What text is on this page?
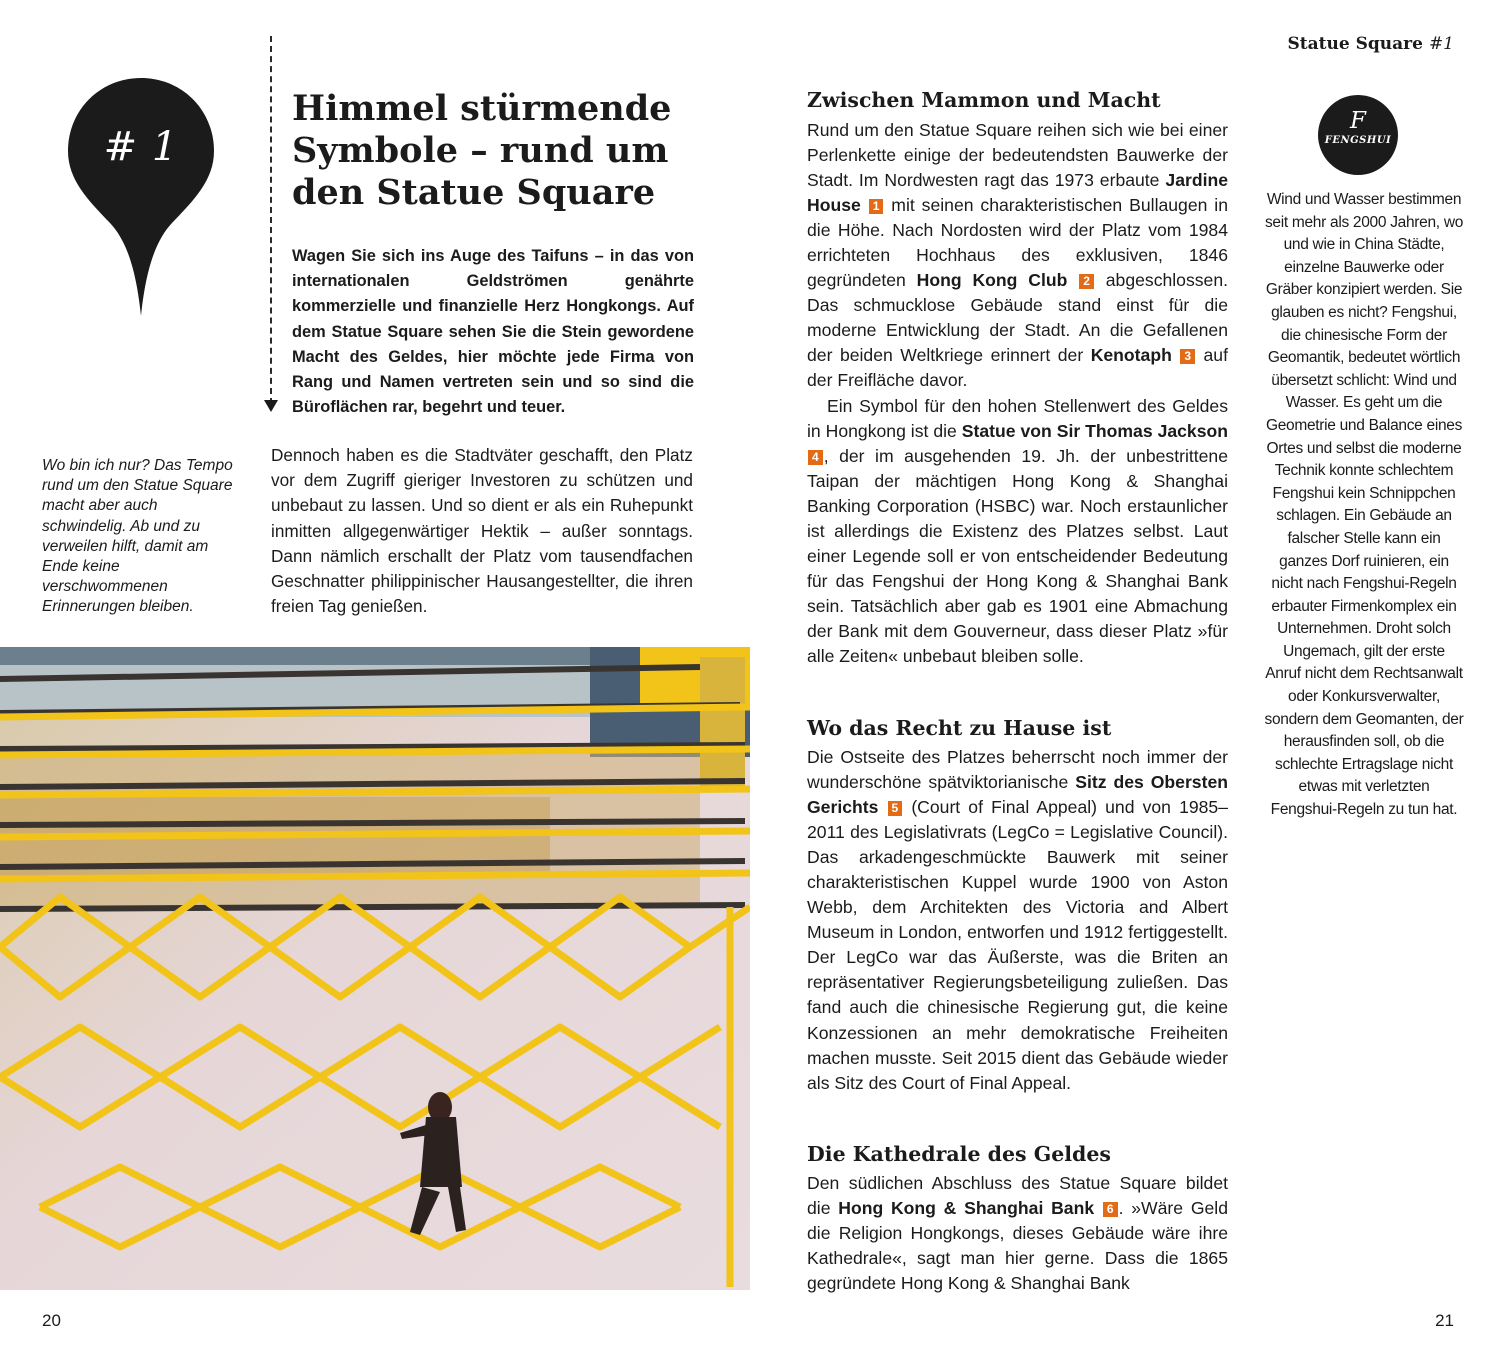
Statue Square #1
# 1
Himmel stürmende Symbole – rund um den Statue Square

Wagen Sie sich ins Auge des Taifuns – in das von internationalen Geldströmen genährte kommerzielle und finanzielle Herz Hongkongs. Auf dem Statue Square sehen Sie die Stein gewordene Macht des Geldes, hier möchte jede Firma von Rang und Namen vertreten sein und so sind die Büroflächen rar, begehrt und teuer.

Wo bin ich nur? Das Tempo rund um den Statue Square macht aber auch schwindelig. Ab und zu verweilen hilft, damit am Ende keine verschwommenen Erinnerungen bleiben.

Dennoch haben es die Stadtväter geschafft, den Platz vor dem Zugriff gieriger Investoren zu schützen und unbebaut zu lassen. Und so dient er als ein Ruhepunkt inmitten allgegenwärtiger Hektik – außer sonntags. Dann nämlich erschallt der Platz vom tausendfachen Geschnatter philippinischer Hausangestellter, die ihren freien Tag genießen.

Zwischen Mammon und Macht

Rund um den Statue Square reihen sich wie bei einer Perlenkette einige der bedeutendsten Bauwerke der Stadt. Im Nordwesten ragt das 1973 erbaute Jardine House 1 mit seinen charakteristischen Bullaugen in die Höhe. Nach Nordosten wird der Platz vom 1984 errichteten Hochhaus des exklusiven, 1846 gegründeten Hong Kong Club 2 abgeschlossen. Das schmucklose Gebäude stand einst für die moderne Entwicklung der Stadt. An die Gefallenen der beiden Weltkriege erinnert der Kenotaph 3 auf der Freifläche davor.

Ein Symbol für den hohen Stellenwert des Geldes in Hongkong ist die Statue von Sir Thomas Jackson 4 , der im ausgehenden 19. Jh. der unbestrittene Taipan der mächtigen Hong Kong & Shanghai Banking Corporation (HSBC) war. Noch erstaunlicher ist allerdings die Existenz des Platzes selbst. Laut einer Legende soll er von entscheidender Bedeutung für das Fengshui der Hong Kong & Shanghai Bank sein. Tatsächlich aber gab es 1901 eine Abmachung der Bank mit dem Gouverneur, dass dieser Platz »für alle Zeiten« unbebaut bleiben solle.

Wo das Recht zu Hause ist

Die Ostseite des Platzes beherrscht noch immer der wunderschöne spätviktorianische Sitz des Obersten Gerichts 5 (Court of Final Appeal) und von 1985–2011 des Legislativrats (LegCo = Legislative Council). Das arkadengeschmückte Bauwerk mit seiner charakteristischen Kuppel wurde 1900 von Aston Webb, dem Architekten des Victoria and Albert Museum in London, entworfen und 1912 fertiggestellt. Der LegCo war das Äußerste, was die Briten an repräsentativer Regierungsbeteiligung zuließen. Das fand auch die chinesische Regierung gut, die keine Konzessionen an mehr demokratische Freiheiten machen musste. Seit 2015 dient das Gebäude wieder als Sitz des Court of Final Appeal.

Die Kathedrale des Geldes

Den südlichen Abschluss des Statue Square bildet die Hong Kong & Shanghai Bank 6 . »Wäre Geld die Religion Hongkongs, dieses Gebäude wäre ihre Kathedrale«, sagt man hier gerne. Dass die 1865 gegründete Hong Kong & Shanghai Bank

F
FENGSHUI

Wind und Wasser bestimmen seit mehr als 2000 Jahren, wo und wie in China Städte, einzelne Bauwerke oder Gräber konzipiert werden. Sie glauben es nicht? Fengshui, die chinesische Form der Geomantik, bedeutet wörtlich übersetzt schlicht: Wind und Wasser. Es geht um die Geometrie und Balance eines Ortes und selbst die moderne Technik konnte schlechtem Fengshui kein Schnippchen schlagen. Ein Gebäude an falscher Stelle kann ein ganzes Dorf ruinieren, ein nicht nach Fengshui-Regeln erbauter Firmenkomplex ein Unternehmen. Droht solch Ungemach, gilt der erste Anruf nicht dem Rechtsanwalt oder Konkursverwalter, sondern dem Geomanten, der herausfinden soll, ob die schlechte Ertragslage nicht etwas mit verletzten Fengshui-Regeln zu tun hat.

20	21
